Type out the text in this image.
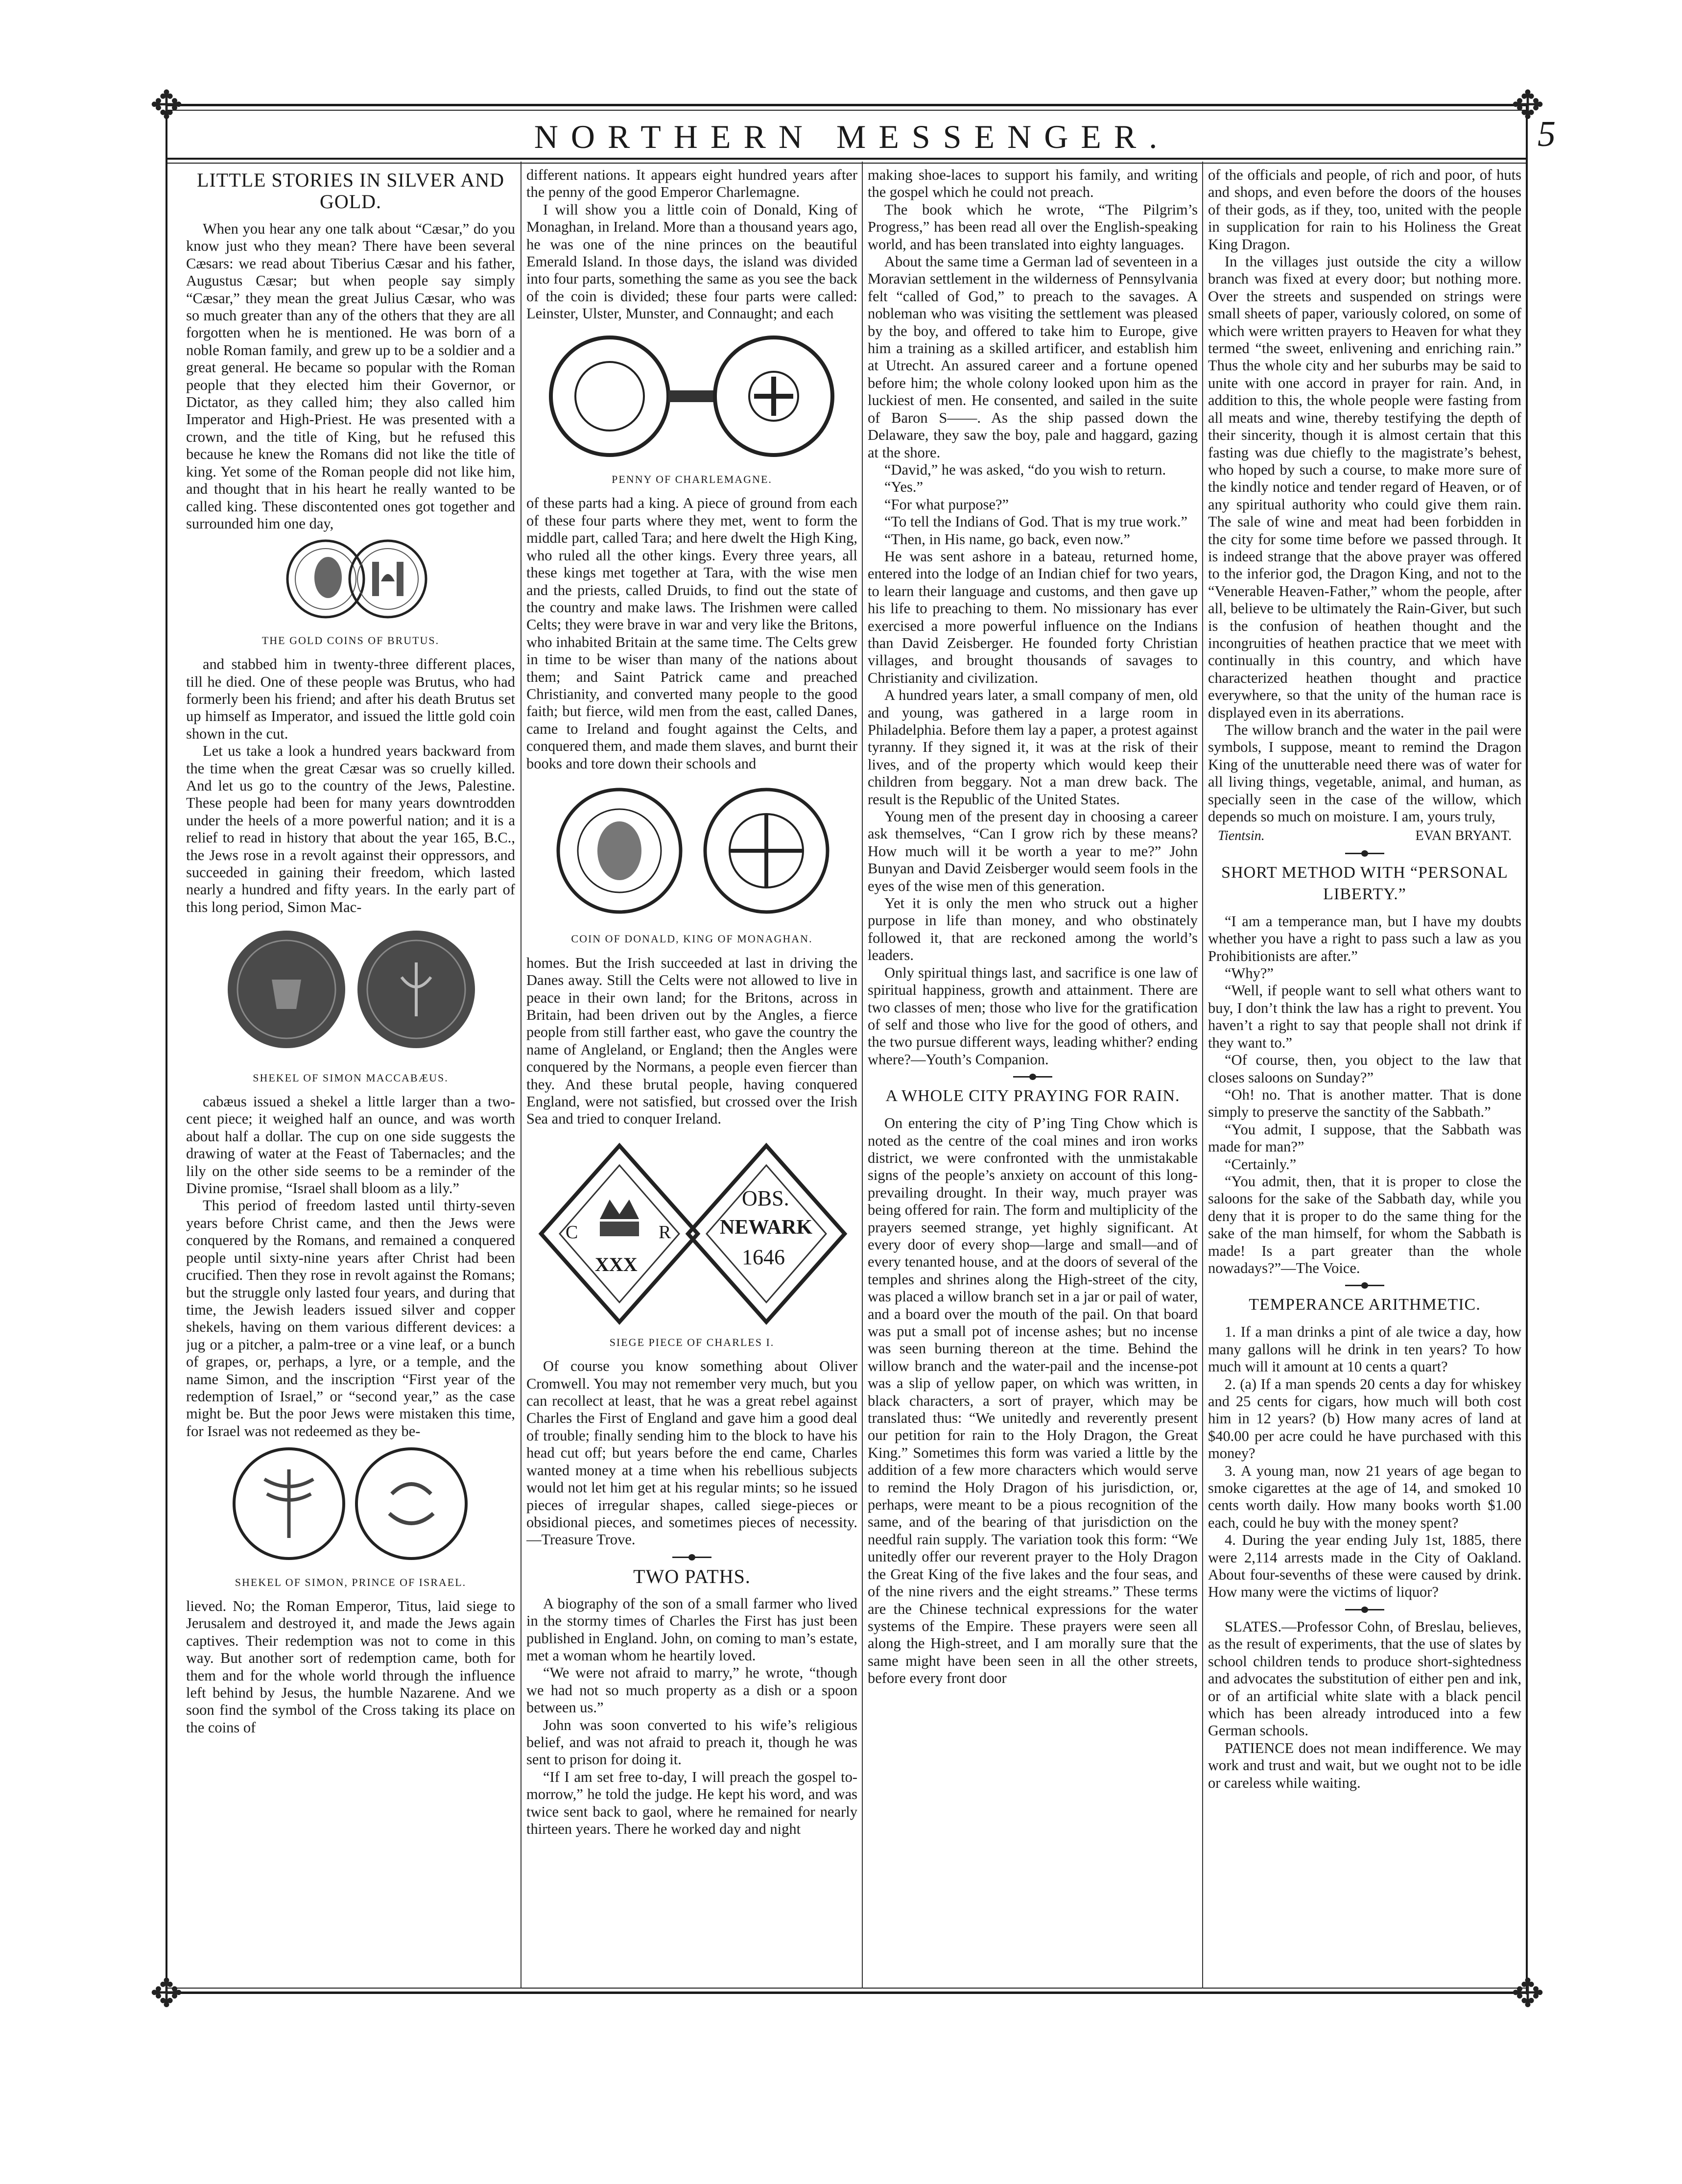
✥	✥
✥	✥
NORTHERN MESSENGER.	5
LITTLE STORIES IN SILVER AND GOLD.

When you hear any one talk about “Cæsar,” do you know just who they mean? There have been several Cæsars: we read about Tiberius Cæsar and his father, Augustus Cæsar; but when people say simply “Cæsar,” they mean the great Julius Cæsar, who was so much greater than any of the others that they are all forgotten when he is mentioned. He was born of a noble Roman family, and grew up to be a soldier and a great general. He became so popular with the Roman people that they elected him their Governor, or Dictator, as they called him; they also called him Imperator and High-Priest. He was presented with a crown, and the title of King, but he refused this because he knew the Romans did not like the title of king. Yet some of the Roman people did not like him, and thought that in his heart he really wanted to be called king. These discontented ones got together and surrounded him one day,

THE GOLD COINS OF BRUTUS.

and stabbed him in twenty-three different places, till he died. One of these people was Brutus, who had formerly been his friend; and after his death Brutus set up himself as Imperator, and issued the little gold coin shown in the cut.

Let us take a look a hundred years backward from the time when the great Cæsar was so cruelly killed. And let us go to the country of the Jews, Palestine. These people had been for many years downtrodden under the heels of a more powerful nation; and it is a relief to read in history that about the year 165, B.C., the Jews rose in a revolt against their oppressors, and succeeded in gaining their freedom, which lasted nearly a hundred and fifty years. In the early part of this long period, Simon Mac-

SHEKEL OF SIMON MACCABÆUS.

cabæus issued a shekel a little larger than a two-cent piece; it weighed half an ounce, and was worth about half a dollar. The cup on one side suggests the drawing of water at the Feast of Tabernacles; and the lily on the other side seems to be a reminder of the Divine promise, “Israel shall bloom as a lily.”

This period of freedom lasted until thirty-seven years before Christ came, and then the Jews were conquered by the Romans, and remained a conquered people until sixty-nine years after Christ had been crucified. Then they rose in revolt against the Romans; but the struggle only lasted four years, and during that time, the Jewish leaders issued silver and copper shekels, having on them various different devices: a jug or a pitcher, a palm-tree or a vine leaf, or a bunch of grapes, or, perhaps, a lyre, or a temple, and the name Simon, and the inscription “First year of the redemption of Israel,” or “second year,” as the case might be. But the poor Jews were mistaken this time, for Israel was not redeemed as they be-

SHEKEL OF SIMON, PRINCE OF ISRAEL.

lieved. No; the Roman Emperor, Titus, laid siege to Jerusalem and destroyed it, and made the Jews again captives. Their redemption was not to come in this way. But another sort of redemption came, both for them and for the whole world through the influence left behind by Jesus, the humble Nazarene. And we soon find the symbol of the Cross taking its place on the coins of

different nations. It appears eight hundred years after the penny of the good Emperor Charlemagne.

I will show you a little coin of Donald, King of Monaghan, in Ireland. More than a thousand years ago, he was one of the nine princes on the beautiful Emerald Island. In those days, the island was divided into four parts, something the same as you see the back of the coin is divided; these four parts were called: Leinster, Ulster, Munster, and Connaught; and each

PENNY OF CHARLEMAGNE.

of these parts had a king. A piece of ground from each of these four parts where they met, went to form the middle part, called Tara; and here dwelt the High King, who ruled all the other kings. Every three years, all these kings met together at Tara, with the wise men and the priests, called Druids, to find out the state of the country and make laws. The Irishmen were called Celts; they were brave in war and very like the Britons, who inhabited Britain at the same time. The Celts grew in time to be wiser than many of the nations about them; and Saint Patrick came and preached Christianity, and converted many people to the good faith; but fierce, wild men from the east, called Danes, came to Ireland and fought against the Celts, and conquered them, and made them slaves, and burnt their books and tore down their schools and

COIN OF DONALD, KING OF MONAGHAN.

homes. But the Irish succeeded at last in driving the Danes away. Still the Celts were not allowed to live in peace in their own land; for the Britons, across in Britain, had been driven out by the Angles, a fierce people from still farther east, who gave the country the name of Angleland, or England; then the Angles were conquered by the Normans, a people even fiercer than they. And these brutal people, having conquered England, were not satisfied, but crossed over the Irish Sea and tried to conquer Ireland.

C	R
XXX
OBS.
NEWARK
1646
SIEGE PIECE OF CHARLES I.

Of course you know something about Oliver Cromwell. You may not remember very much, but you can recollect at least, that he was a great rebel against Charles the First of England and gave him a good deal of trouble; finally sending him to the block to have his head cut off; but years before the end came, Charles wanted money at a time when his rebellious subjects would not let him get at his regular mints; so he issued pieces of irregular shapes, called siege-pieces or obsidional pieces, and sometimes pieces of necessity.—Treasure Trove.

TWO PATHS.

A biography of the son of a small farmer who lived in the stormy times of Charles the First has just been published in England. John, on coming to man’s estate, met a woman whom he heartily loved.

“We were not afraid to marry,” he wrote, “though we had not so much property as a dish or a spoon between us.”

John was soon converted to his wife’s religious belief, and was not afraid to preach it, though he was sent to prison for doing it.

“If I am set free to-day, I will preach the gospel to-morrow,” he told the judge. He kept his word, and was twice sent back to gaol, where he remained for nearly thirteen years. There he worked day and night

making shoe-laces to support his family, and writing the gospel which he could not preach.

The book which he wrote, “The Pilgrim’s Progress,” has been read all over the English-speaking world, and has been translated into eighty languages.

About the same time a German lad of seventeen in a Moravian settlement in the wilderness of Pennsylvania felt “called of God,” to preach to the savages. A nobleman who was visiting the settlement was pleased by the boy, and offered to take him to Europe, give him a training as a skilled artificer, and establish him at Utrecht. An assured career and a fortune opened before him; the whole colony looked upon him as the luckiest of men. He consented, and sailed in the suite of Baron S——. As the ship passed down the Delaware, they saw the boy, pale and haggard, gazing at the shore.

“David,” he was asked, “do you wish to return.

“Yes.”

“For what purpose?”

“To tell the Indians of God. That is my true work.”

“Then, in His name, go back, even now.”

He was sent ashore in a bateau, returned home, entered into the lodge of an Indian chief for two years, to learn their language and customs, and then gave up his life to preaching to them. No missionary has ever exercised a more powerful influence on the Indians than David Zeisberger. He founded forty Christian villages, and brought thousands of savages to Christianity and civilization.

A hundred years later, a small company of men, old and young, was gathered in a large room in Philadelphia. Before them lay a paper, a protest against tyranny. If they signed it, it was at the risk of their lives, and of the property which would keep their children from beggary. Not a man drew back. The result is the Republic of the United States.

Young men of the present day in choosing a career ask themselves, “Can I grow rich by these means? How much will it be worth a year to me?” John Bunyan and David Zeisberger would seem fools in the eyes of the wise men of this generation.

Yet it is only the men who struck out a higher purpose in life than money, and who obstinately followed it, that are reckoned among the world’s leaders.

Only spiritual things last, and sacrifice is one law of spiritual happiness, growth and attainment. There are two classes of men; those who live for the gratification of self and those who live for the good of others, and the two pursue different ways, leading whither? ending where?—Youth’s Companion.

A WHOLE CITY PRAYING FOR RAIN.

On entering the city of P’ing Ting Chow which is noted as the centre of the coal mines and iron works district, we were confronted with the unmistakable signs of the people’s anxiety on account of this long-prevailing drought. In their way, much prayer was being offered for rain. The form and multiplicity of the prayers seemed strange, yet highly significant. At every door of every shop—large and small—and of every tenanted house, and at the doors of several of the temples and shrines along the High-street of the city, was placed a willow branch set in a jar or pail of water, and a board over the mouth of the pail. On that board was put a small pot of incense ashes; but no incense was seen burning thereon at the time. Behind the willow branch and the water-pail and the incense-pot was a slip of yellow paper, on which was written, in black characters, a sort of prayer, which may be translated thus: “We unitedly and reverently present our petition for rain to the Holy Dragon, the Great King.” Sometimes this form was varied a little by the addition of a few more characters which would serve to remind the Holy Dragon of his jurisdiction, or, perhaps, were meant to be a pious recognition of the same, and of the bearing of that jurisdiction on the needful rain supply. The variation took this form: “We unitedly offer our reverent prayer to the Holy Dragon the Great King of the five lakes and the four seas, and of the nine rivers and the eight streams.” These terms are the Chinese technical expressions for the water systems of the Empire. These prayers were seen all along the High-street, and I am morally sure that the same might have been seen in all the other streets, before every front door

of the officials and people, of rich and poor, of huts and shops, and even before the doors of the houses of their gods, as if they, too, united with the people in supplication for rain to his Holiness the Great King Dragon.

In the villages just outside the city a willow branch was fixed at every door; but nothing more. Over the streets and suspended on strings were small sheets of paper, variously colored, on some of which were written prayers to Heaven for what they termed “the sweet, enlivening and enriching rain.” Thus the whole city and her suburbs may be said to unite with one accord in prayer for rain. And, in addition to this, the whole people were fasting from all meats and wine, thereby testifying the depth of their sincerity, though it is almost certain that this fasting was due chiefly to the magistrate’s behest, who hoped by such a course, to make more sure of the kindly notice and tender regard of Heaven, or of any spiritual authority who could give them rain. The sale of wine and meat had been forbidden in the city for some time before we passed through. It is indeed strange that the above prayer was offered to the inferior god, the Dragon King, and not to the “Venerable Heaven-Father,” whom the people, after all, believe to be ultimately the Rain-Giver, but such is the confusion of heathen thought and the incongruities of heathen practice that we meet with continually in this country, and which have characterized heathen thought and practice everywhere, so that the unity of the human race is displayed even in its aberrations.

The willow branch and the water in the pail were symbols, I suppose, meant to remind the Dragon King of the unutterable need there was of water for all living things, vegetable, animal, and human, as specially seen in the case of the willow, which depends so much on moisture. I am, yours truly,

Tientsin.	EVAN BRYANT.
SHORT METHOD WITH “PERSONAL LIBERTY.”

“I am a temperance man, but I have my doubts whether you have a right to pass such a law as you Prohibitionists are after.”

“Why?”

“Well, if people want to sell what others want to buy, I don’t think the law has a right to prevent. You haven’t a right to say that people shall not drink if they want to.”

“Of course, then, you object to the law that closes saloons on Sunday?”

“Oh! no. That is another matter. That is done simply to preserve the sanctity of the Sabbath.”

“You admit, I suppose, that the Sabbath was made for man?”

“Certainly.”

“You admit, then, that it is proper to close the saloons for the sake of the Sabbath day, while you deny that it is proper to do the same thing for the sake of the man himself, for whom the Sabbath is made! Is a part greater than the whole nowadays?”—The Voice.

TEMPERANCE ARITHMETIC.

1. If a man drinks a pint of ale twice a day, how many gallons will he drink in ten years? To how much will it amount at 10 cents a quart?

2. (a) If a man spends 20 cents a day for whiskey and 25 cents for cigars, how much will both cost him in 12 years? (b) How many acres of land at $40.00 per acre could he have purchased with this money?

3. A young man, now 21 years of age began to smoke cigarettes at the age of 14, and smoked 10 cents worth daily. How many books worth $1.00 each, could he buy with the money spent?

4. During the year ending July 1st, 1885, there were 2,114 arrests made in the City of Oakland. About four-sevenths of these were caused by drink. How many were the victims of liquor?

SLATES.—Professor Cohn, of Breslau, believes, as the result of experiments, that the use of slates by school children tends to produce short-sightedness and advocates the substitution of either pen and ink, or of an artificial white slate with a black pencil which has been already introduced into a few German schools.

PATIENCE does not mean indifference. We may work and trust and wait, but we ought not to be idle or careless while waiting.
